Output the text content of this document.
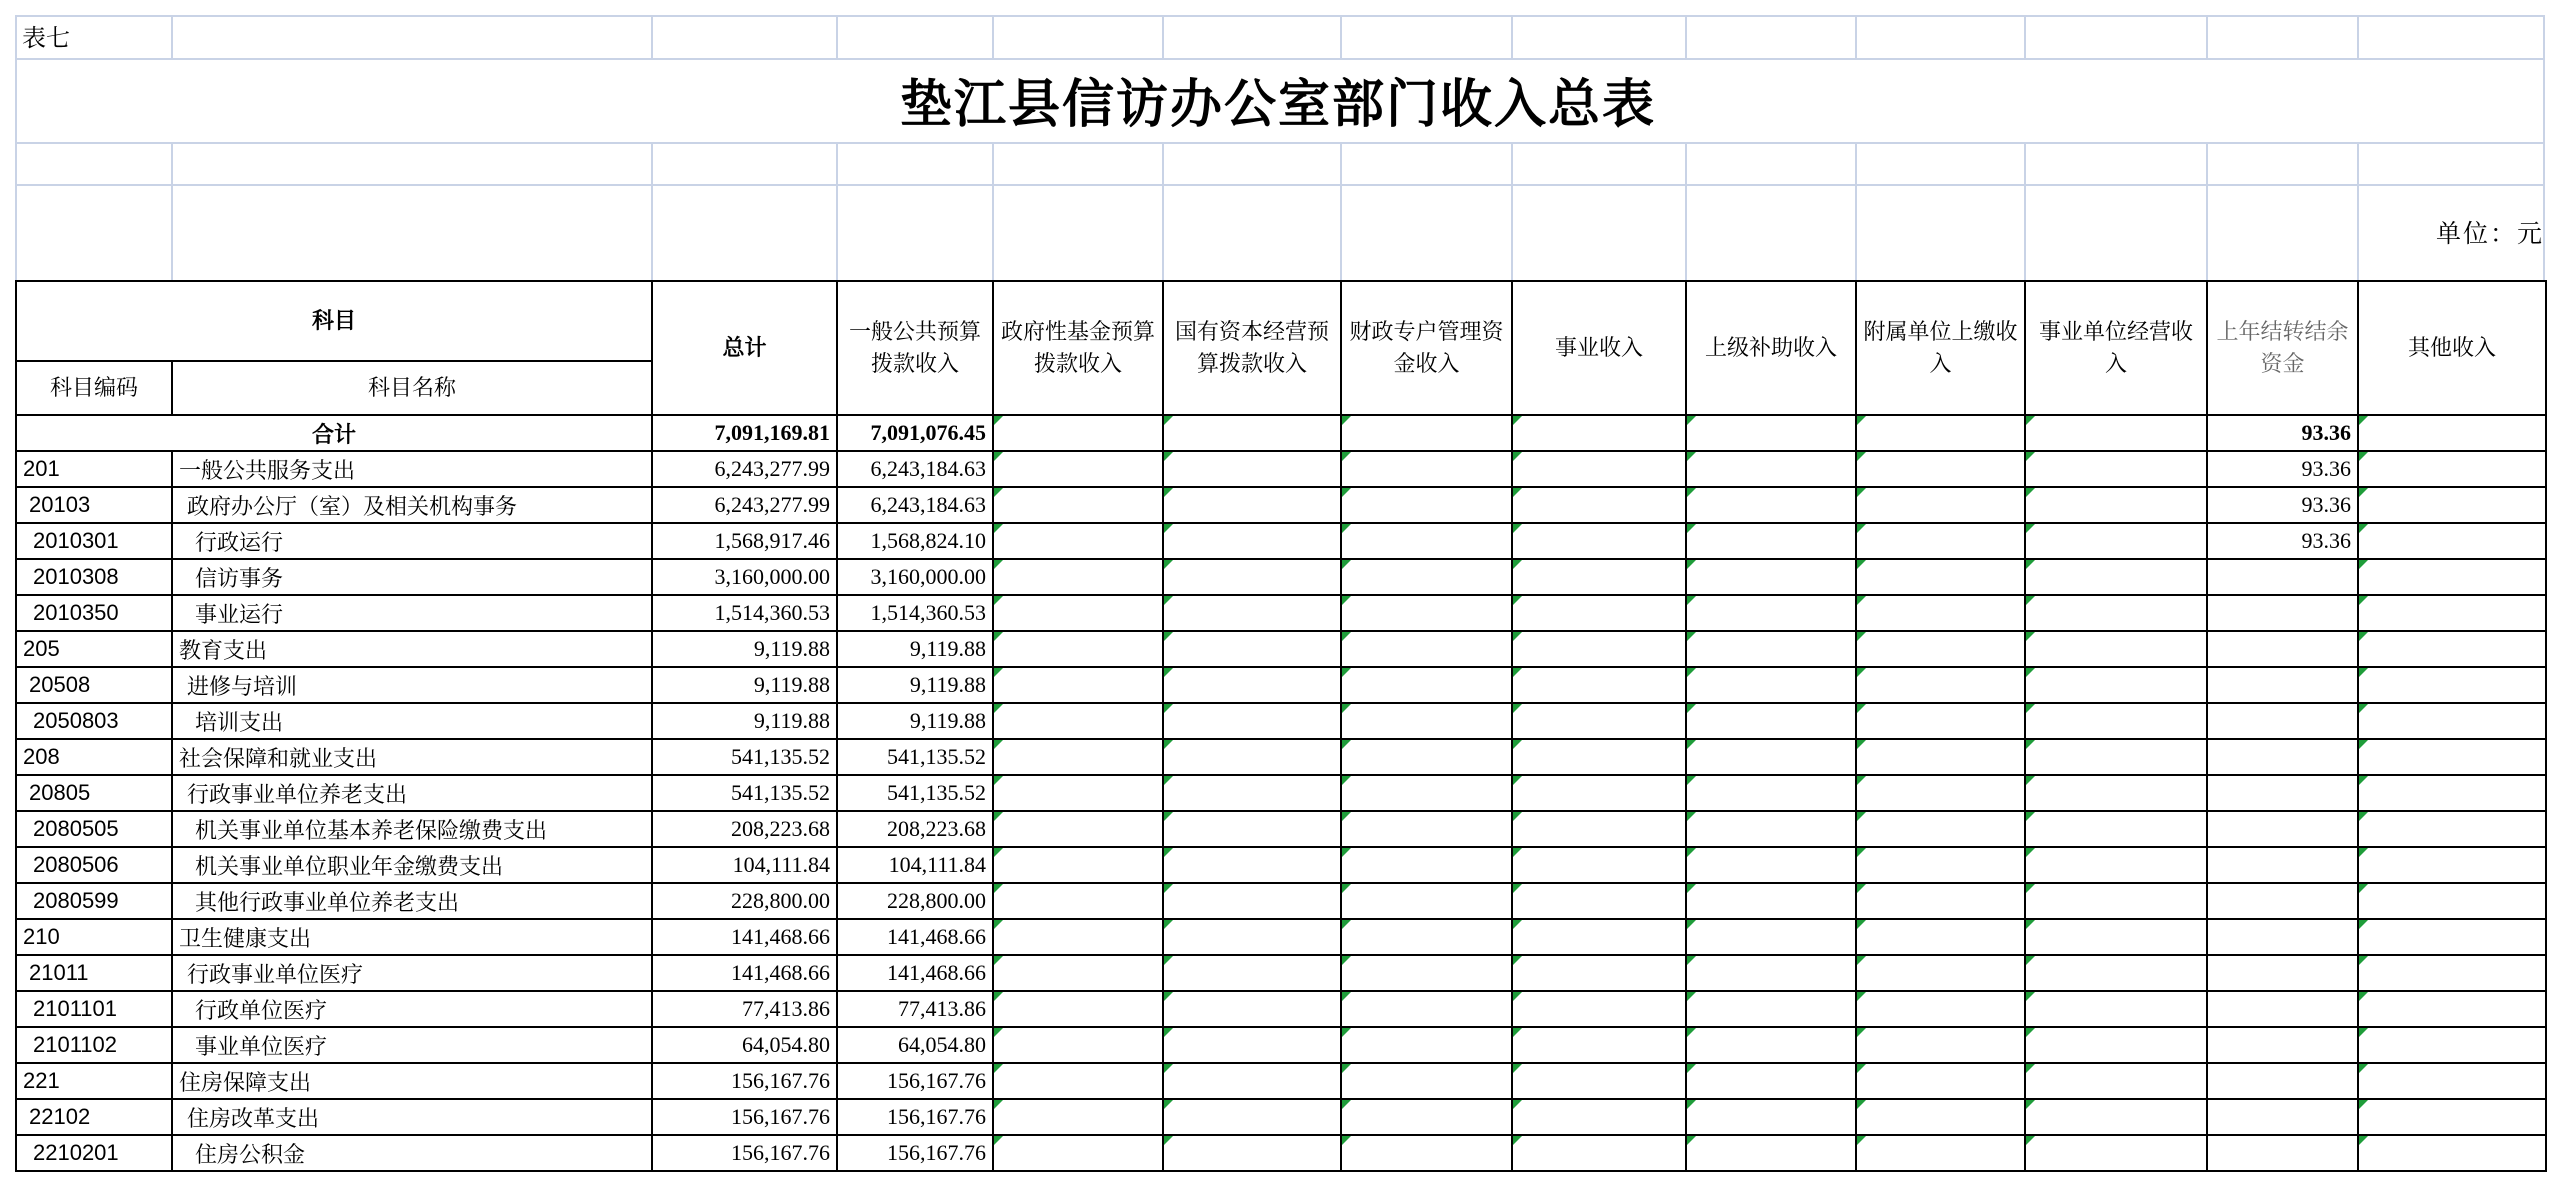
表七
垫江县信访办公室部门收入总表
单位：元
科目		总计	一般公共预算拨款收入	政府性基金预算拨款收入	国有资本经营预算拨款收入	财政专户管理资金收入	事业收入	上级补助收入	附属单位上缴收入	事业单位经营收入	上年结转结余资金	其他收入
科目编码	科目名称											
合计		7,091,169.81	7,091,076.45								93.36	
201	一般公共服务支出	6,243,277.99	6,243,184.63								93.36	
20103	政府办公厅（室）及相关机构事务	6,243,277.99	6,243,184.63								93.36	
2010301	行政运行	1,568,917.46	1,568,824.10								93.36	
2010308	信访事务	3,160,000.00	3,160,000.00									
2010350	事业运行	1,514,360.53	1,514,360.53									
205	教育支出	9,119.88	9,119.88									
20508	进修与培训	9,119.88	9,119.88									
2050803	培训支出	9,119.88	9,119.88									
208	社会保障和就业支出	541,135.52	541,135.52									
20805	行政事业单位养老支出	541,135.52	541,135.52									
2080505	机关事业单位基本养老保险缴费支出	208,223.68	208,223.68									
2080506	机关事业单位职业年金缴费支出	104,111.84	104,111.84									
2080599	其他行政事业单位养老支出	228,800.00	228,800.00									
210	卫生健康支出	141,468.66	141,468.66									
21011	行政事业单位医疗	141,468.66	141,468.66									
2101101	行政单位医疗	77,413.86	77,413.86									
2101102	事业单位医疗	64,054.80	64,054.80									
221	住房保障支出	156,167.76	156,167.76									
22102	住房改革支出	156,167.76	156,167.76									
2210201	住房公积金	156,167.76	156,167.76									
